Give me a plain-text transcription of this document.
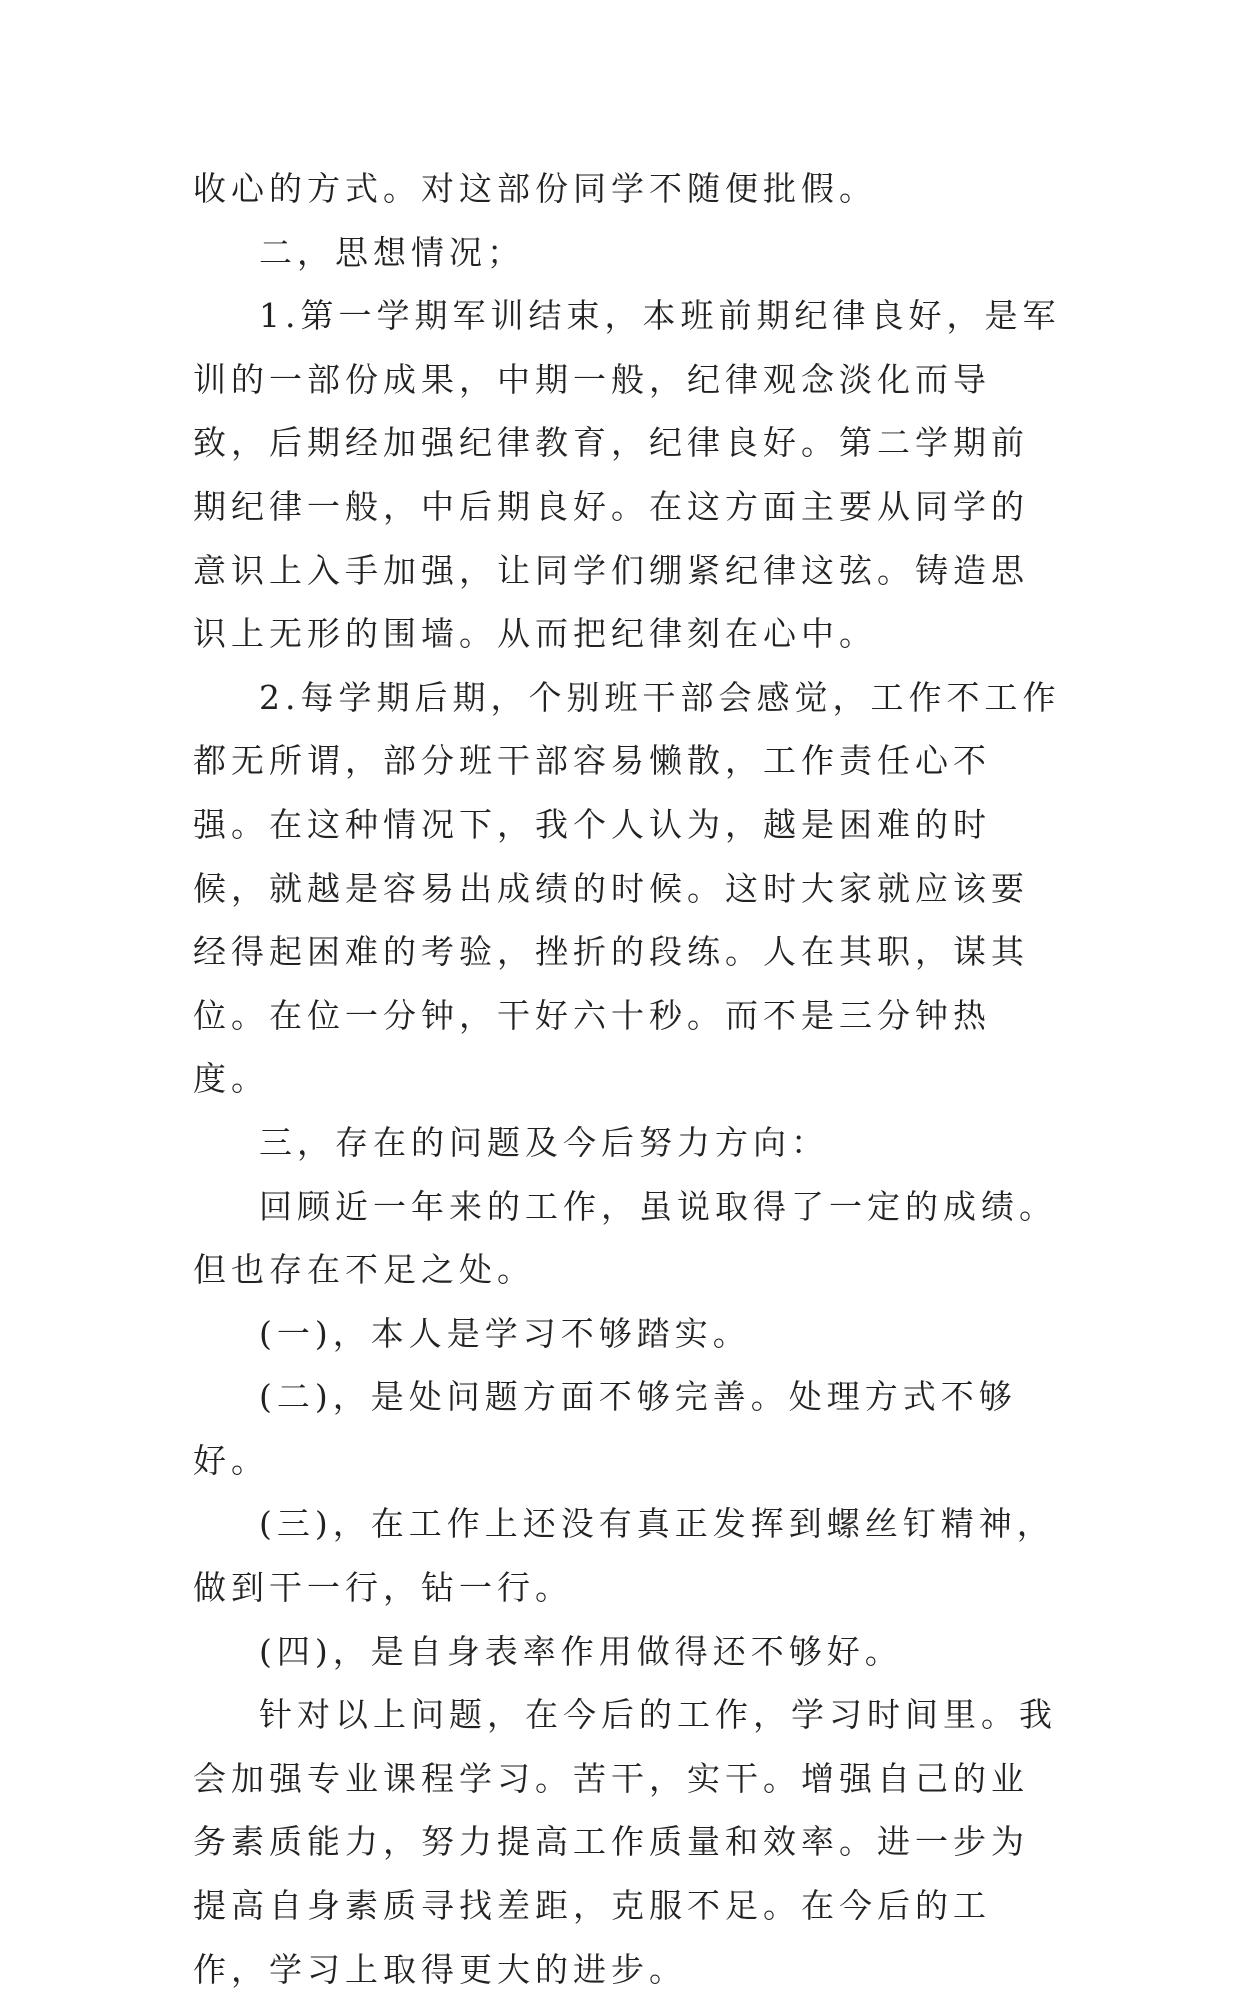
收心的方式。对这部份同学不随便批假。

二，思想情况；

1.第一学期军训结束，本班前期纪律良好，是军训的一部份成果，中期一般，纪律观念淡化而导致，后期经加强纪律教育，纪律良好。第二学期前期纪律一般，中后期良好。在这方面主要从同学的意识上入手加强，让同学们绷紧纪律这弦。铸造思识上无形的围墙。从而把纪律刻在心中。

2.每学期后期，个别班干部会感觉，工作不工作都无所谓，部分班干部容易懒散，工作责任心不强。在这种情况下，我个人认为，越是困难的时候，就越是容易出成绩的时候。这时大家就应该要经得起困难的考验，挫折的段练。人在其职，谋其位。在位一分钟，干好六十秒。而不是三分钟热度。

三，存在的问题及今后努力方向：

回顾近一年来的工作，虽说取得了一定的成绩。但也存在不足之处。

(一)，本人是学习不够踏实。

(二)，是处问题方面不够完善。处理方式不够好。

(三)，在工作上还没有真正发挥到螺丝钉精神，做到干一行，钻一行。

(四)，是自身表率作用做得还不够好。

针对以上问题，在今后的工作，学习时间里。我会加强专业课程学习。苦干，实干。增强自己的业务素质能力，努力提高工作质量和效率。进一步为提高自身素质寻找差距，克服不足。在今后的工作，学习上取得更大的进步。
